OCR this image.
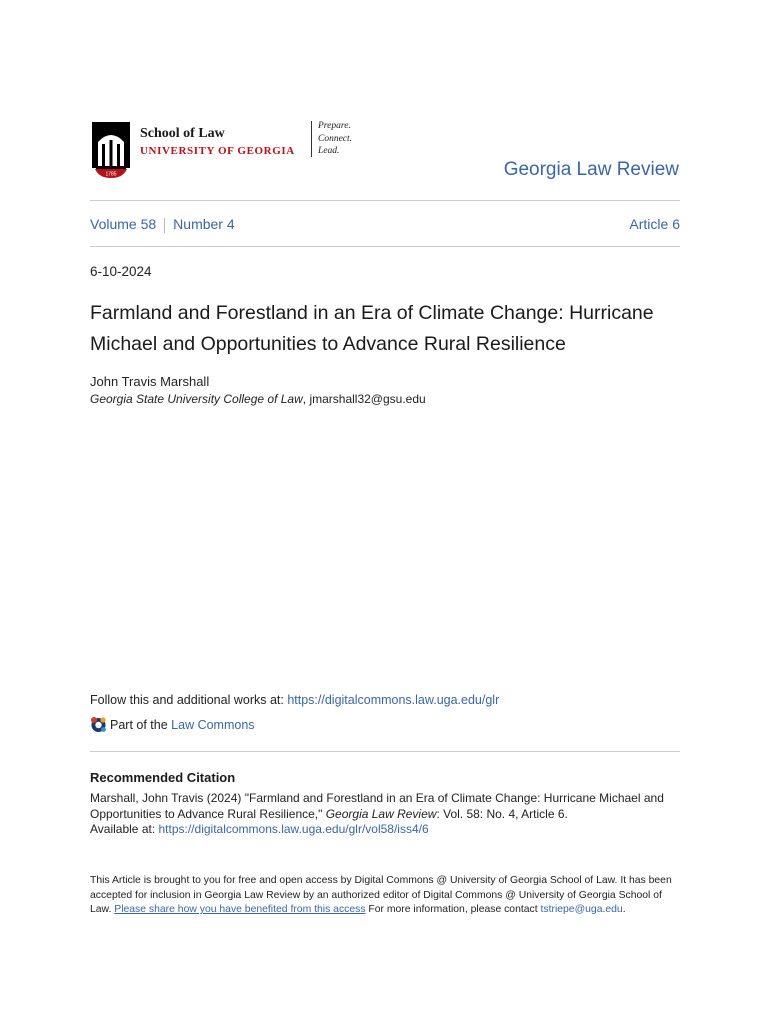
1785
School of Law
UNIVERSITY OF GEORGIA
Prepare.
Connect.
Lead.
Georgia Law Review
Volume 58 Number 4	Article 6
6-10-2024
Farmland and Forestland in an Era of Climate Change: Hurricane Michael and Opportunities to Advance Rural Resilience
John Travis Marshall
Georgia State University College of Law, jmarshall32@gsu.edu
Follow this and additional works at: https://digitalcommons.law.uga.edu/glr
Part of the
Law Commons
Recommended Citation
Marshall, John Travis (2024) "Farmland and Forestland in an Era of Climate Change: Hurricane Michael and Opportunities to Advance Rural Resilience," Georgia Law Review: Vol. 58: No. 4, Article 6.
Available at: https://digitalcommons.law.uga.edu/glr/vol58/iss4/6
This Article is brought to you for free and open access by Digital Commons @ University of Georgia School of Law. It has been accepted for inclusion in Georgia Law Review by an authorized editor of Digital Commons @ University of Georgia School of Law. Please share how you have benefited from this access For more information, please contact tstriepe@uga.edu.
